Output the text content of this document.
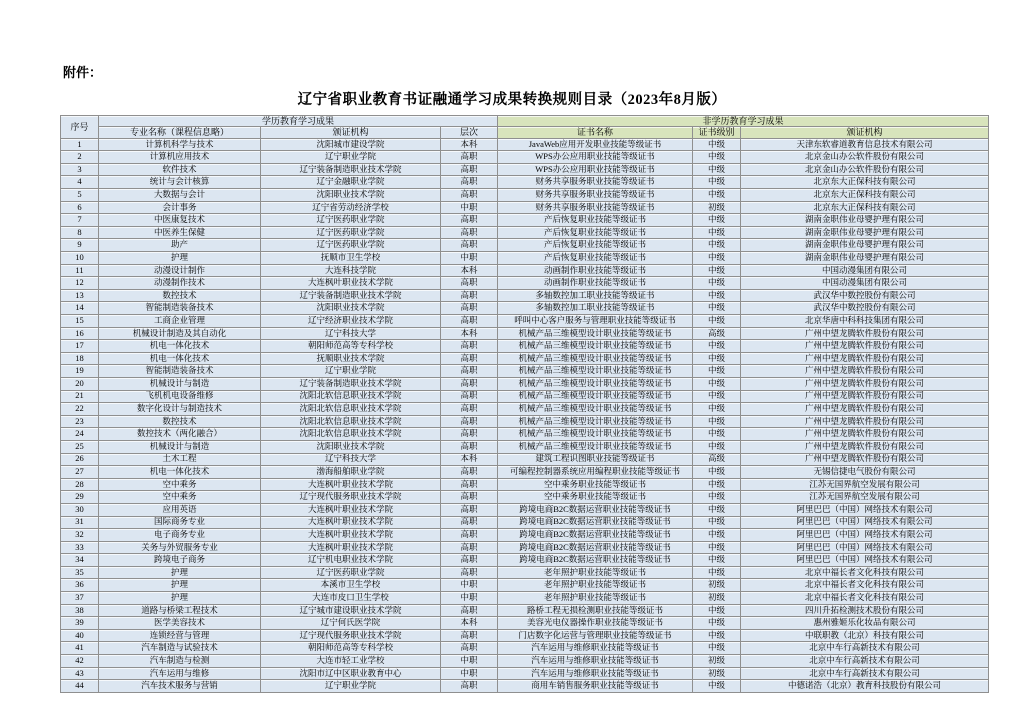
附件：
辽宁省职业教育书证融通学习成果转换规则目录（2023年8月版）
序号	学历教育学习成果			非学历教育学习成果		
	专业名称（课程信息略）	颁证机构	层次	证书名称	证书级别	颁证机构
1	计算机科学与技术	沈阳城市建设学院	本科	JavaWeb应用开发职业技能等级证书	中级	天津东软睿道教育信息技术有限公司
2	计算机应用技术	辽宁职业学院	高职	WPS办公应用职业技能等级证书	中级	北京金山办公软件股份有限公司
3	软件技术	辽宁装备制造职业技术学院	高职	WPS办公应用职业技能等级证书	中级	北京金山办公软件股份有限公司
4	统计与会计核算	辽宁金融职业学院	高职	财务共享服务职业技能等级证书	中级	北京东大正保科技有限公司
5	大数据与会计	沈阳职业技术学院	高职	财务共享服务职业技能等级证书	中级	北京东大正保科技有限公司
6	会计事务	辽宁省劳动经济学校	中职	财务共享服务职业技能等级证书	初级	北京东大正保科技有限公司
7	中医康复技术	辽宁医药职业学院	高职	产后恢复职业技能等级证书	中级	湖南金职伟业母婴护理有限公司
8	中医养生保健	辽宁医药职业学院	高职	产后恢复职业技能等级证书	中级	湖南金职伟业母婴护理有限公司
9	助产	辽宁医药职业学院	高职	产后恢复职业技能等级证书	中级	湖南金职伟业母婴护理有限公司
10	护理	抚顺市卫生学校	中职	产后恢复职业技能等级证书	中级	湖南金职伟业母婴护理有限公司
11	动漫设计制作	大连科技学院	本科	动画制作职业技能等级证书	中级	中国动漫集团有限公司
12	动漫制作技术	大连枫叶职业技术学院	高职	动画制作职业技能等级证书	中级	中国动漫集团有限公司
13	数控技术	辽宁装备制造职业技术学院	高职	多轴数控加工职业技能等级证书	中级	武汉华中数控股份有限公司
14	智能制造装备技术	沈阳职业技术学院	高职	多轴数控加工职业技能等级证书	中级	武汉华中数控股份有限公司
15	工商企业管理	辽宁经济职业技术学院	高职	呼叫中心客户服务与管理职业技能等级证书	中级	北京华唐中科科技集团有限公司
16	机械设计制造及其自动化	辽宁科技大学	本科	机械产品三维模型设计职业技能等级证书	高级	广州中望龙腾软件股份有限公司
17	机电一体化技术	朝阳师范高等专科学校	高职	机械产品三维模型设计职业技能等级证书	中级	广州中望龙腾软件股份有限公司
18	机电一体化技术	抚顺职业技术学院	高职	机械产品三维模型设计职业技能等级证书	中级	广州中望龙腾软件股份有限公司
19	智能制造装备技术	辽宁职业学院	高职	机械产品三维模型设计职业技能等级证书	中级	广州中望龙腾软件股份有限公司
20	机械设计与制造	辽宁装备制造职业技术学院	高职	机械产品三维模型设计职业技能等级证书	中级	广州中望龙腾软件股份有限公司
21	飞机机电设备维修	沈阳北软信息职业技术学院	高职	机械产品三维模型设计职业技能等级证书	中级	广州中望龙腾软件股份有限公司
22	数字化设计与制造技术	沈阳北软信息职业技术学院	高职	机械产品三维模型设计职业技能等级证书	中级	广州中望龙腾软件股份有限公司
23	数控技术	沈阳北软信息职业技术学院	高职	机械产品三维模型设计职业技能等级证书	中级	广州中望龙腾软件股份有限公司
24	数控技术（两化融合）	沈阳北软信息职业技术学院	高职	机械产品三维模型设计职业技能等级证书	中级	广州中望龙腾软件股份有限公司
25	机械设计与制造	沈阳职业技术学院	高职	机械产品三维模型设计职业技能等级证书	中级	广州中望龙腾软件股份有限公司
26	土木工程	辽宁科技大学	本科	建筑工程识图职业技能等级证书	高级	广州中望龙腾软件股份有限公司
27	机电一体化技术	渤海船舶职业学院	高职	可编程控制器系统应用编程职业技能等级证书	中级	无锡信捷电气股份有限公司
28	空中乘务	大连枫叶职业技术学院	高职	空中乘务职业技能等级证书	中级	江苏无国界航空发展有限公司
29	空中乘务	辽宁现代服务职业技术学院	高职	空中乘务职业技能等级证书	中级	江苏无国界航空发展有限公司
30	应用英语	大连枫叶职业技术学院	高职	跨境电商B2C数据运营职业技能等级证书	中级	阿里巴巴（中国）网络技术有限公司
31	国际商务专业	大连枫叶职业技术学院	高职	跨境电商B2C数据运营职业技能等级证书	中级	阿里巴巴（中国）网络技术有限公司
32	电子商务专业	大连枫叶职业技术学院	高职	跨境电商B2C数据运营职业技能等级证书	中级	阿里巴巴（中国）网络技术有限公司
33	关务与外贸服务专业	大连枫叶职业技术学院	高职	跨境电商B2C数据运营职业技能等级证书	中级	阿里巴巴（中国）网络技术有限公司
34	跨境电子商务	辽宁机电职业技术学院	高职	跨境电商B2C数据运营职业技能等级证书	中级	阿里巴巴（中国）网络技术有限公司
35	护理	辽宁医药职业学院	高职	老年照护职业技能等级证书	中级	北京中福长者文化科技有限公司
36	护理	本溪市卫生学校	中职	老年照护职业技能等级证书	初级	北京中福长者文化科技有限公司
37	护理	大连市皮口卫生学校	中职	老年照护职业技能等级证书	初级	北京中福长者文化科技有限公司
38	道路与桥梁工程技术	辽宁城市建设职业技术学院	高职	路桥工程无损检测职业技能等级证书	中级	四川升拓检测技术股份有限公司
39	医学美容技术	辽宁何氏医学院	本科	美容光电仪器操作职业技能等级证书	中级	惠州雅姬乐化妆品有限公司
40	连锁经营与管理	辽宁现代服务职业技术学院	高职	门店数字化运营与管理职业技能等级证书	中级	中联职教（北京）科技有限公司
41	汽车制造与试验技术	朝阳师范高等专科学校	高职	汽车运用与维修职业技能等级证书	中级	北京中车行高新技术有限公司
42	汽车制造与检测	大连市轻工业学校	中职	汽车运用与维修职业技能等级证书	初级	北京中车行高新技术有限公司
43	汽车运用与维修	沈阳市辽中区职业教育中心	中职	汽车运用与维修职业技能等级证书	初级	北京中车行高新技术有限公司
44	汽车技术服务与营销	辽宁职业学院	高职	商用车销售服务职业技能等级证书	中级	中德诺浩（北京）教育科技股份有限公司
